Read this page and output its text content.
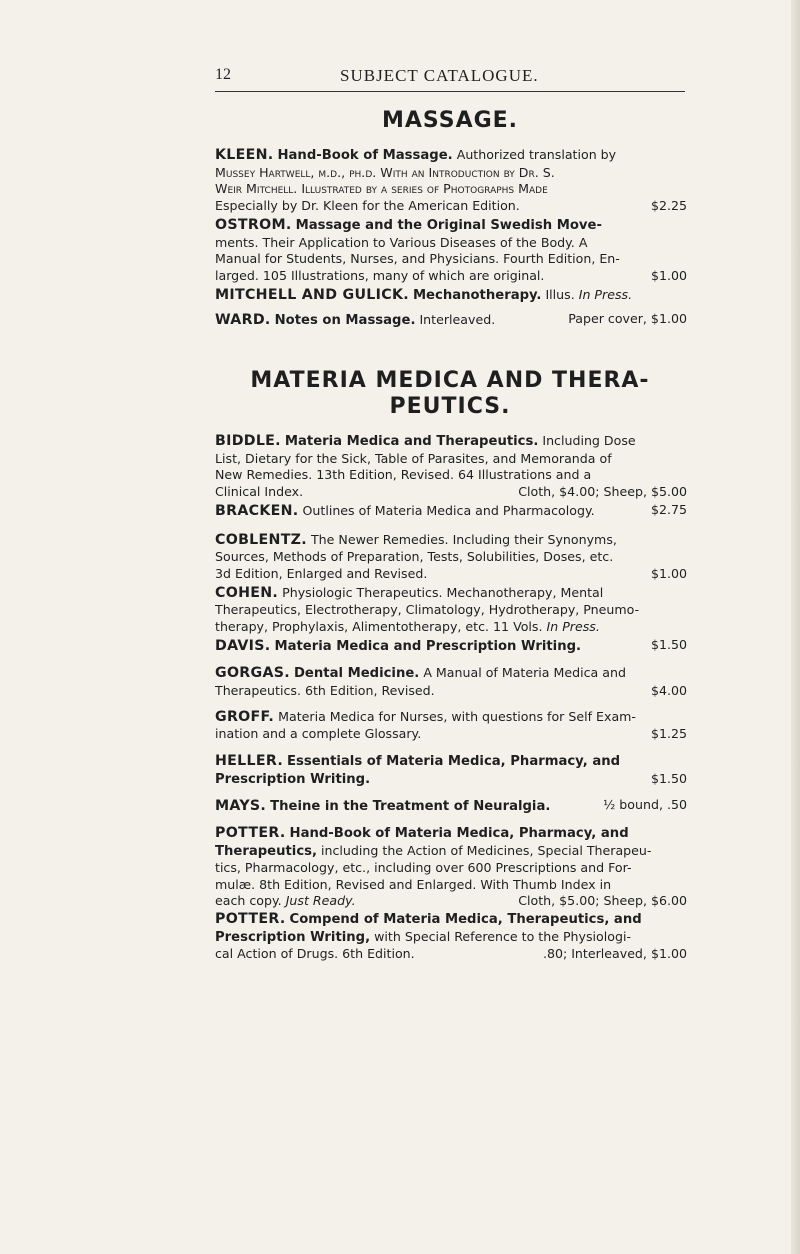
12	SUBJECT CATALOGUE.
MASSAGE.
KLEEN. Hand-Book of Massage. Authorized translation by
Mussey Hartwell, m.d., ph.d. With an Introduction by Dr. S.
Weir Mitchell. Illustrated by a series of Photographs Made
Especially by Dr. Kleen for the American Edition.	$2.25
OSTROM. Massage and the Original Swedish Move-
ments. Their Application to Various Diseases of the Body. A
Manual for Students, Nurses, and Physicians. Fourth Edition, En-
larged. 105 Illustrations, many of which are original.	$1.00
MITCHELL AND GULICK. Mechanotherapy. Illus. In Press.
WARD. Notes on Massage. Interleaved.	Paper cover, $1.00
MATERIA MEDICA AND THERA-
PEUTICS.
BIDDLE. Materia Medica and Therapeutics. Including Dose
List, Dietary for the Sick, Table of Parasites, and Memoranda of
New Remedies. 13th Edition, Revised. 64 Illustrations and a
Clinical Index.	Cloth, $4.00; Sheep, $5.00
BRACKEN. Outlines of Materia Medica and Pharmacology.	$2.75
COBLENTZ. The Newer Remedies. Including their Synonyms,
Sources, Methods of Preparation, Tests, Solubilities, Doses, etc.
3d Edition, Enlarged and Revised.	$1.00
COHEN. Physiologic Therapeutics. Mechanotherapy, Mental
Therapeutics, Electrotherapy, Climatology, Hydrotherapy, Pneumo-
therapy, Prophylaxis, Alimentotherapy, etc. 11 Vols. In Press.
DAVIS. Materia Medica and Prescription Writing.	$1.50
GORGAS. Dental Medicine. A Manual of Materia Medica and
Therapeutics. 6th Edition, Revised.	$4.00
GROFF. Materia Medica for Nurses, with questions for Self Exam-
ination and a complete Glossary.	$1.25
HELLER. Essentials of Materia Medica, Pharmacy, and
Prescription Writing.	$1.50
MAYS. Theine in the Treatment of Neuralgia.	½ bound, .50
POTTER. Hand-Book of Materia Medica, Pharmacy, and
Therapeutics, including the Action of Medicines, Special Therapeu-
tics, Pharmacology, etc., including over 600 Prescriptions and For-
mulæ. 8th Edition, Revised and Enlarged. With Thumb Index in
each copy. Just Ready.	Cloth, $5.00; Sheep, $6.00
POTTER. Compend of Materia Medica, Therapeutics, and
Prescription Writing, with Special Reference to the Physiologi-
cal Action of Drugs. 6th Edition.	.80; Interleaved, $1.00
